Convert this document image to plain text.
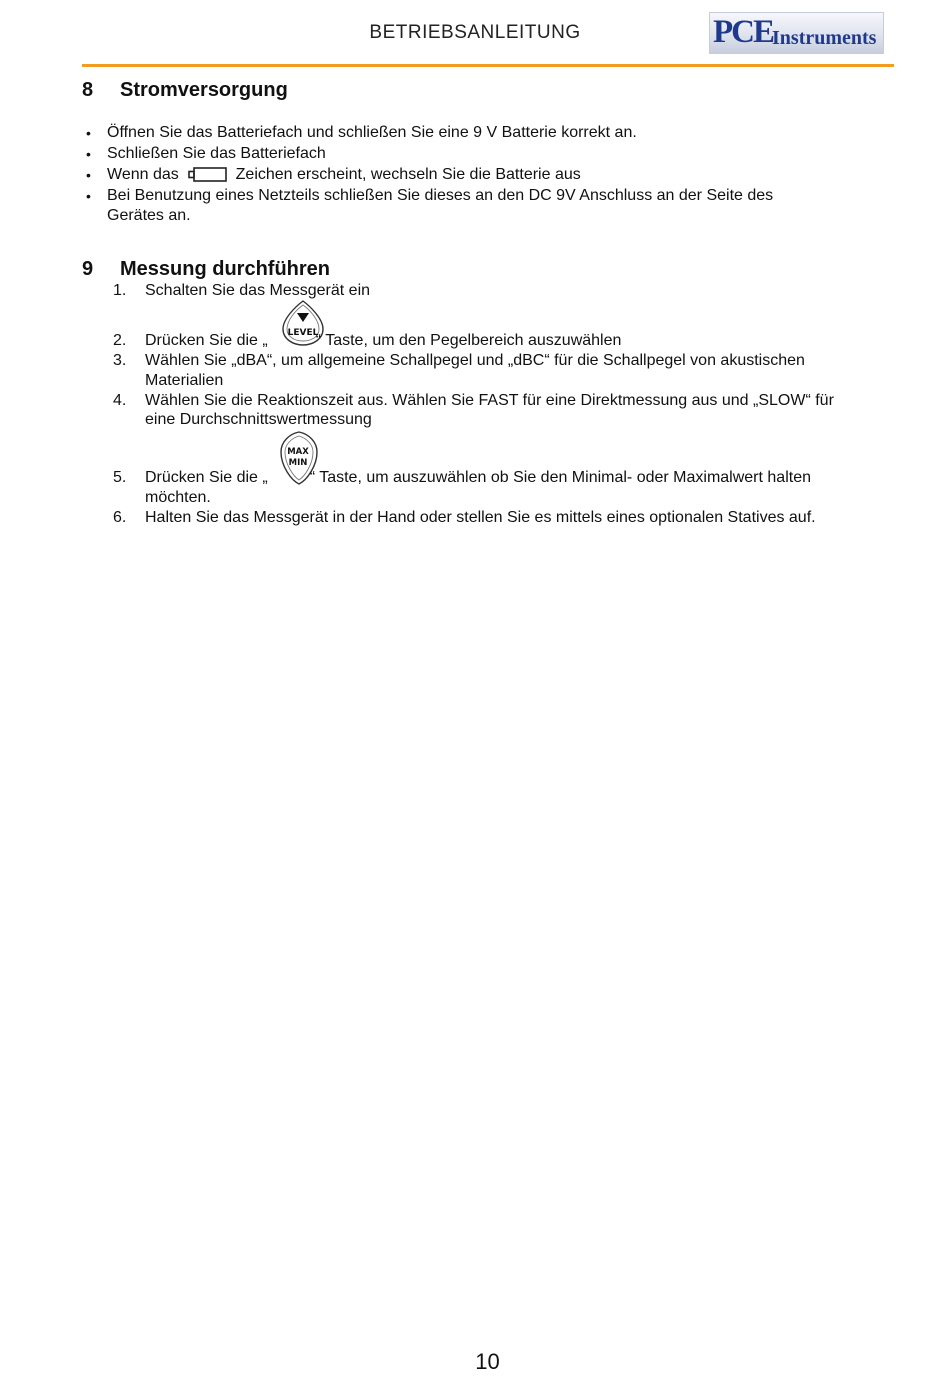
BETRIEBSANLEITUNG	PCE Instruments
8 Stromversorgung
• Öffnen Sie das Batteriefach und schließen Sie eine 9 V Batterie korrekt an.
• Schließen Sie das Batteriefach
• Wenn das	Zeichen erscheint, wechseln Sie die Batterie aus
• Bei Benutzung eines Netzteils schließen Sie dieses an den DC 9V Anschluss an der Seite des
Gerätes an.
9 Messung durchführen
1. Schalten Sie das Messgerät ein
LEVEL
2. Drücken Sie die „	“ Taste, um den Pegelbereich auszuwählen
3. Wählen Sie „dBA“, um allgemeine Schallpegel und „dBC“ für die Schallpegel von akustischen
Materialien
4. Wählen Sie die Reaktionszeit aus. Wählen Sie FAST für eine Direktmessung aus und „SLOW“ für
eine Durchschnittswertmessung
MAX
MIN
5. Drücken Sie die „	“ Taste, um auszuwählen ob Sie den Minimal- oder Maximalwert halten
möchten.
6. Halten Sie das Messgerät in der Hand oder stellen Sie es mittels eines optionalen Statives auf.
10
